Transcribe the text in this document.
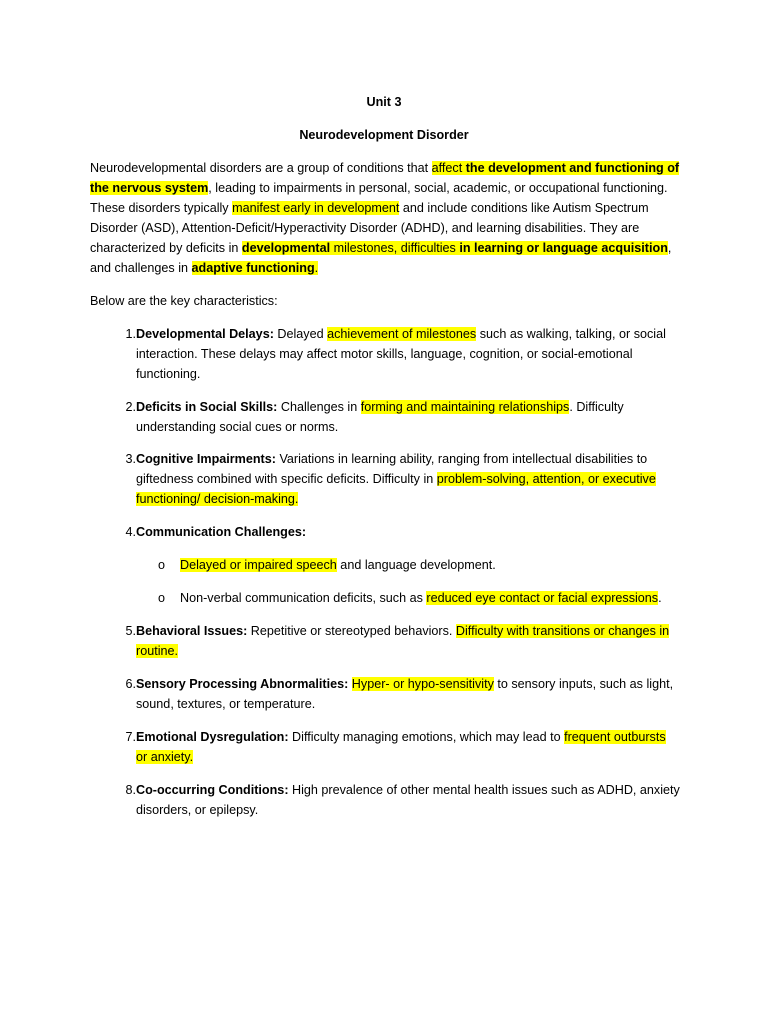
Unit 3
Neurodevelopment Disorder
Neurodevelopmental disorders are a group of conditions that affect the development and functioning of the nervous system, leading to impairments in personal, social, academic, or occupational functioning. These disorders typically manifest early in development and include conditions like Autism Spectrum Disorder (ASD), Attention-Deficit/Hyperactivity Disorder (ADHD), and learning disabilities. They are characterized by deficits in developmental milestones, difficulties in learning or language acquisition, and challenges in adaptive functioning.
Below are the key characteristics:
1. Developmental Delays: Delayed achievement of milestones such as walking, talking, or social interaction. These delays may affect motor skills, language, cognition, or social-emotional functioning.
2. Deficits in Social Skills: Challenges in forming and maintaining relationships. Difficulty understanding social cues or norms.
3. Cognitive Impairments: Variations in learning ability, ranging from intellectual disabilities to giftedness combined with specific deficits. Difficulty in problem-solving, attention, or executive functioning/ decision-making.
4. Communication Challenges:
o	Delayed or impaired speech and language development.
o	Non-verbal communication deficits, such as reduced eye contact or facial expressions.
5. Behavioral Issues: Repetitive or stereotyped behaviors. Difficulty with transitions or changes in routine.
6. Sensory Processing Abnormalities: Hyper- or hypo-sensitivity to sensory inputs, such as light, sound, textures, or temperature.
7. Emotional Dysregulation: Difficulty managing emotions, which may lead to frequent outbursts or anxiety.
8. Co-occurring Conditions: High prevalence of other mental health issues such as ADHD, anxiety disorders, or epilepsy.
